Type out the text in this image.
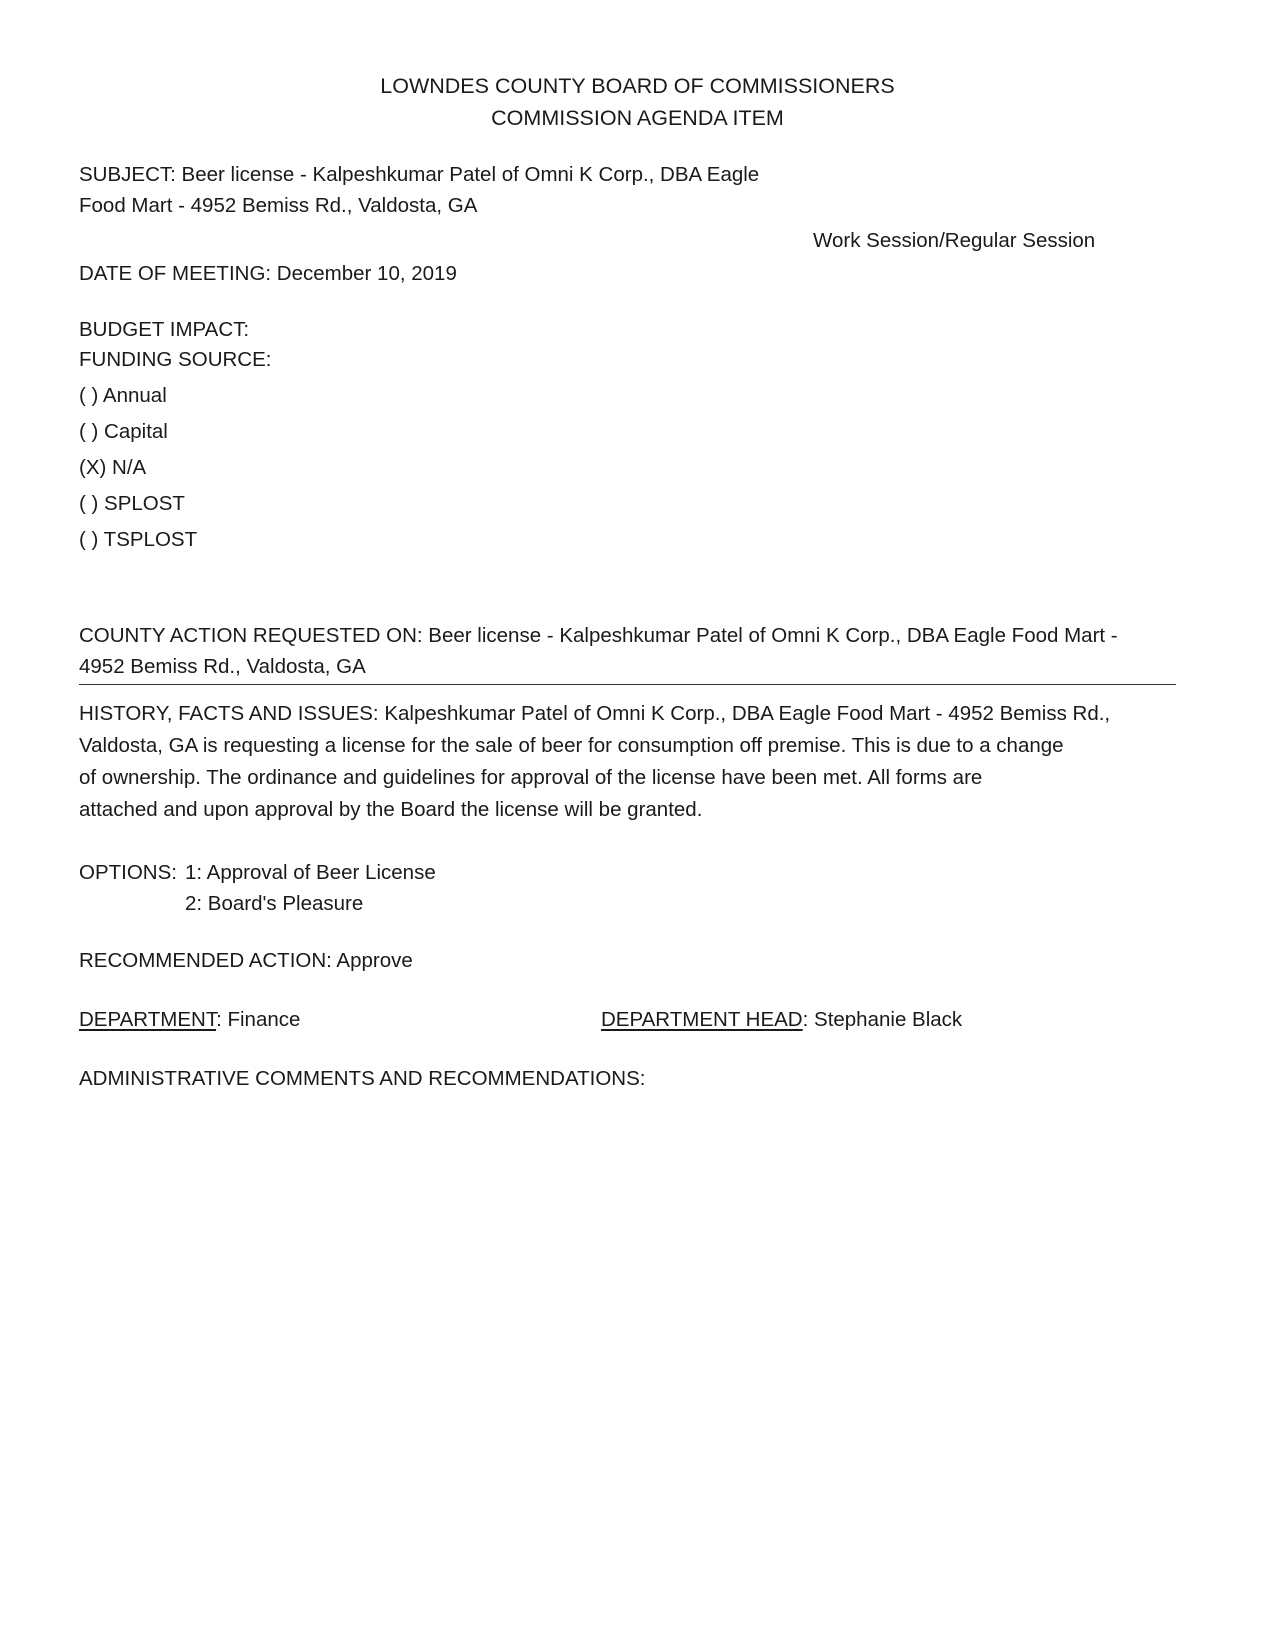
LOWNDES COUNTY BOARD OF COMMISSIONERS
COMMISSION AGENDA ITEM
SUBJECT: Beer license - Kalpeshkumar Patel of Omni K Corp., DBA Eagle
Food Mart - 4952 Bemiss Rd., Valdosta, GA
Work Session/Regular Session
DATE OF MEETING: December 10, 2019
BUDGET IMPACT:
FUNDING SOURCE:
( ) Annual
( ) Capital
(X) N/A
( ) SPLOST
( ) TSPLOST
COUNTY ACTION REQUESTED ON: Beer license - Kalpeshkumar Patel of Omni K Corp., DBA Eagle Food Mart -
4952 Bemiss Rd., Valdosta, GA
HISTORY, FACTS AND ISSUES: Kalpeshkumar Patel of Omni K Corp., DBA Eagle Food Mart - 4952 Bemiss Rd.,
Valdosta, GA is requesting a license for the sale of beer for consumption off premise. This is due to a change
of ownership. The ordinance and guidelines for approval of the license have been met. All forms are
attached and upon approval by the Board the license will be granted.
OPTIONS: 1: Approval of Beer License
2: Board's Pleasure
RECOMMENDED ACTION: Approve
DEPARTMENT: Finance	DEPARTMENT HEAD: Stephanie Black
ADMINISTRATIVE COMMENTS AND RECOMMENDATIONS:
